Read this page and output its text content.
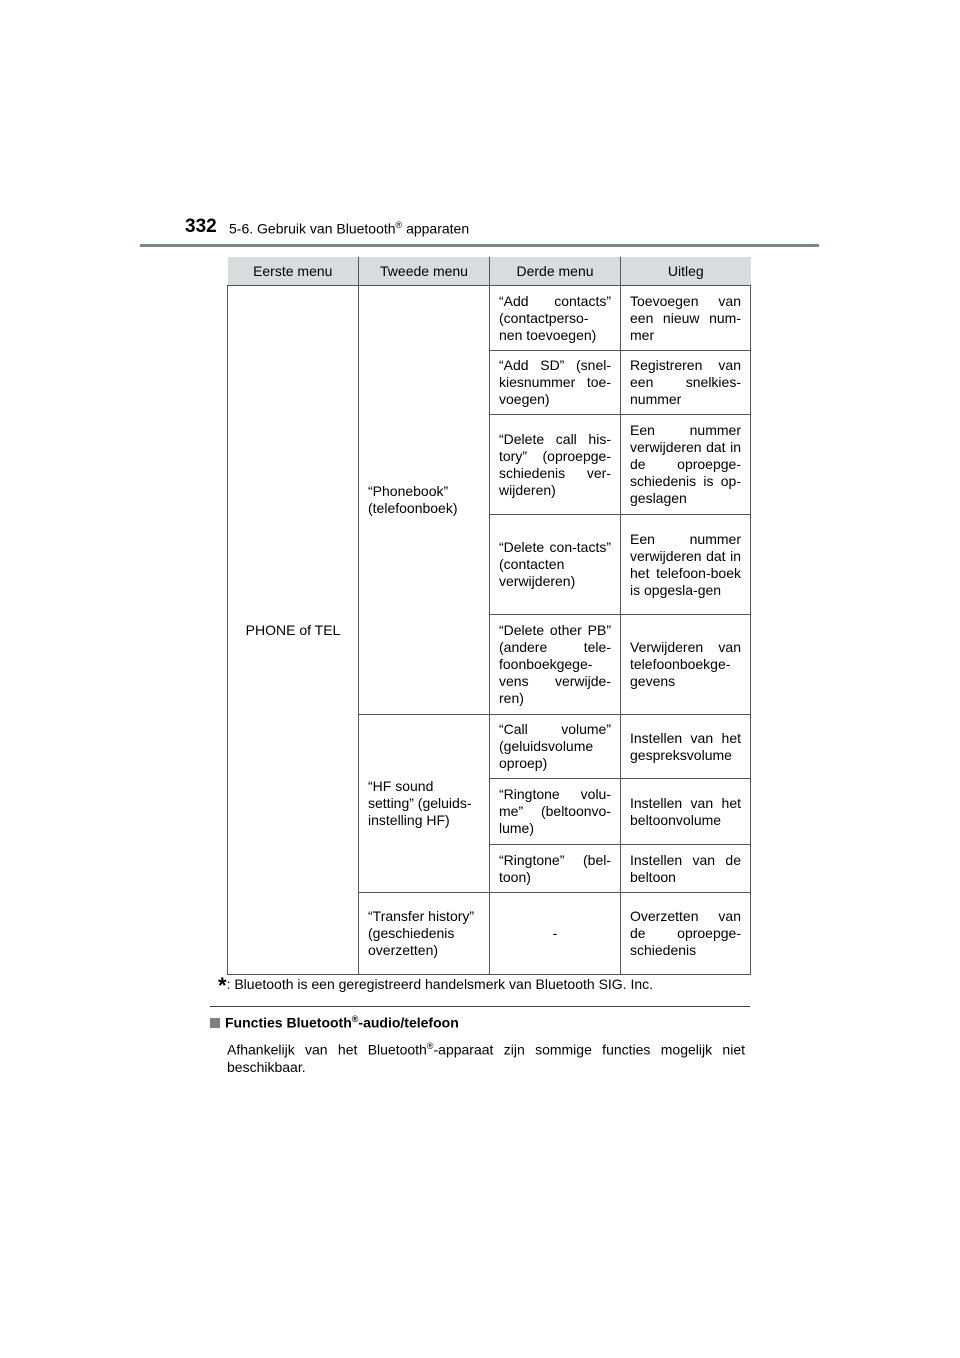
332 5-6. Gebruik van Bluetooth® apparaten
Eerste menu	Tweede menu	Derde menu	Uitleg
PHONE of TEL	“Phonebook” (telefoonboek)	“Add contacts” (contactperso-nen toevoegen)	Toevoegen van een nieuw num-mer
		“Add SD” (snel-kiesnummer toe-voegen)	Registreren van een snelkies-nummer
		“Delete call his-tory” (oproepge-schiedenis ver-wijderen)	Een nummer verwijderen dat in de oproepge-schiedenis is op-geslagen
		“Delete con-tacts” (contacten verwijderen)	Een nummer verwijderen dat in het telefoon-boek is opgesla-gen
		“Delete other PB” (andere tele-foonboekgege-vens verwijde-ren)	Verwijderen van telefoonboekge-gevens
	“HF sound setting” (geluids-instelling HF)	“Call volume” (geluidsvolume oproep)	Instellen van het gespreksvolume
		“Ringtone volu-me” (beltoonvo-lume)	Instellen van het beltoonvolume
		“Ringtone” (bel-toon)	Instellen van de beltoon
	“Transfer history” (geschiedenis overzetten)	-	Overzetten van de oproepge-schiedenis
*: Bluetooth is een geregistreerd handelsmerk van Bluetooth SIG. Inc.
Functies Bluetooth®-audio/telefoon
Afhankelijk van het Bluetooth®-apparaat zijn sommige functies mogelijk niet beschikbaar.
